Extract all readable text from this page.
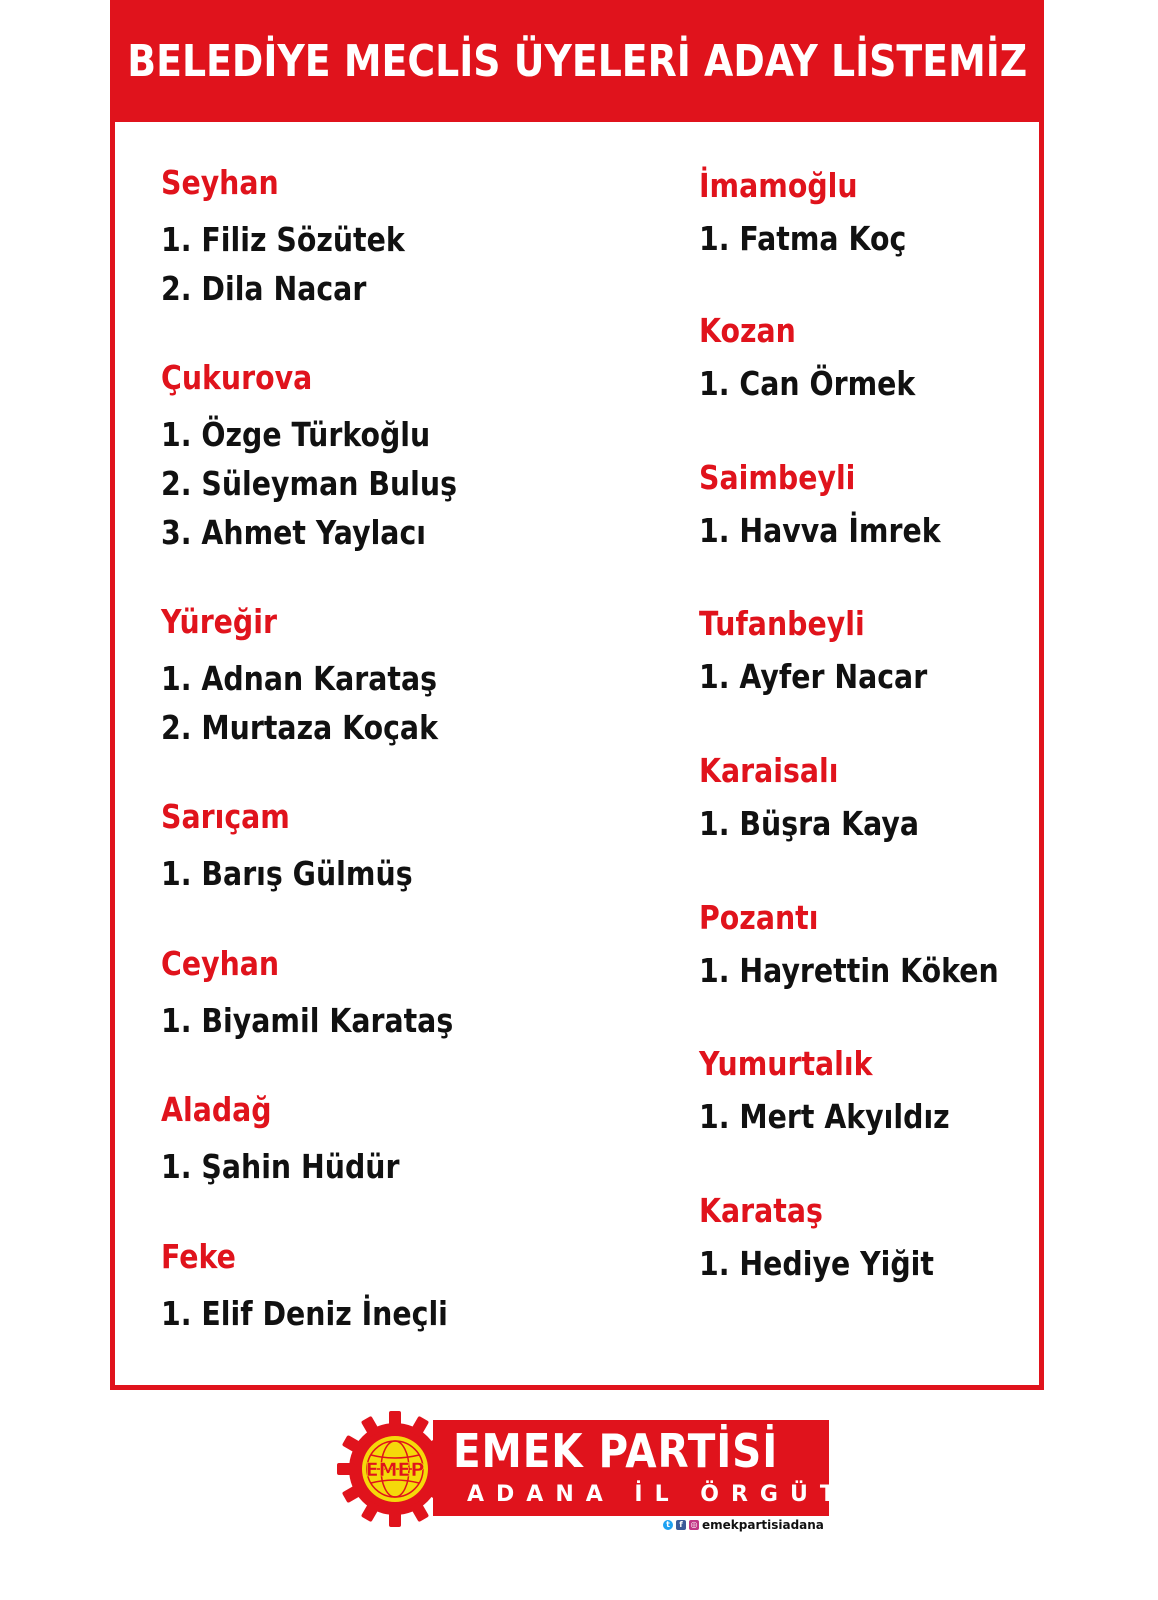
BELEDİYE MECLİS ÜYELERİ ADAY LİSTEMİZ
Seyhan
1. Filiz Sözütek
2. Dila Nacar
Çukurova
1. Özge Türkoğlu
2. Süleyman Buluş
3. Ahmet Yaylacı
Yüreğir
1. Adnan Karataş
2. Murtaza Koçak
Sarıçam
1. Barış Gülmüş
Ceyhan
1. Biyamil Karataş
Aladağ
1. Şahin Hüdür
Feke
1. Elif Deniz İneçli
İmamoğlu
1. Fatma Koç
Kozan
1. Can Örmek
Saimbeyli
1. Havva İmrek
Tufanbeyli
1. Ayfer Nacar
Karaisalı
1. Büşra Kaya
Pozantı
1. Hayrettin Köken
Yumurtalık
1. Mert Akyıldız
Karataş
1. Hediye Yiğit
EMEP EMEK PARTİSİ
ADANA İL ÖRGÜTÜ
t	f ◎ emekpartisiadana
